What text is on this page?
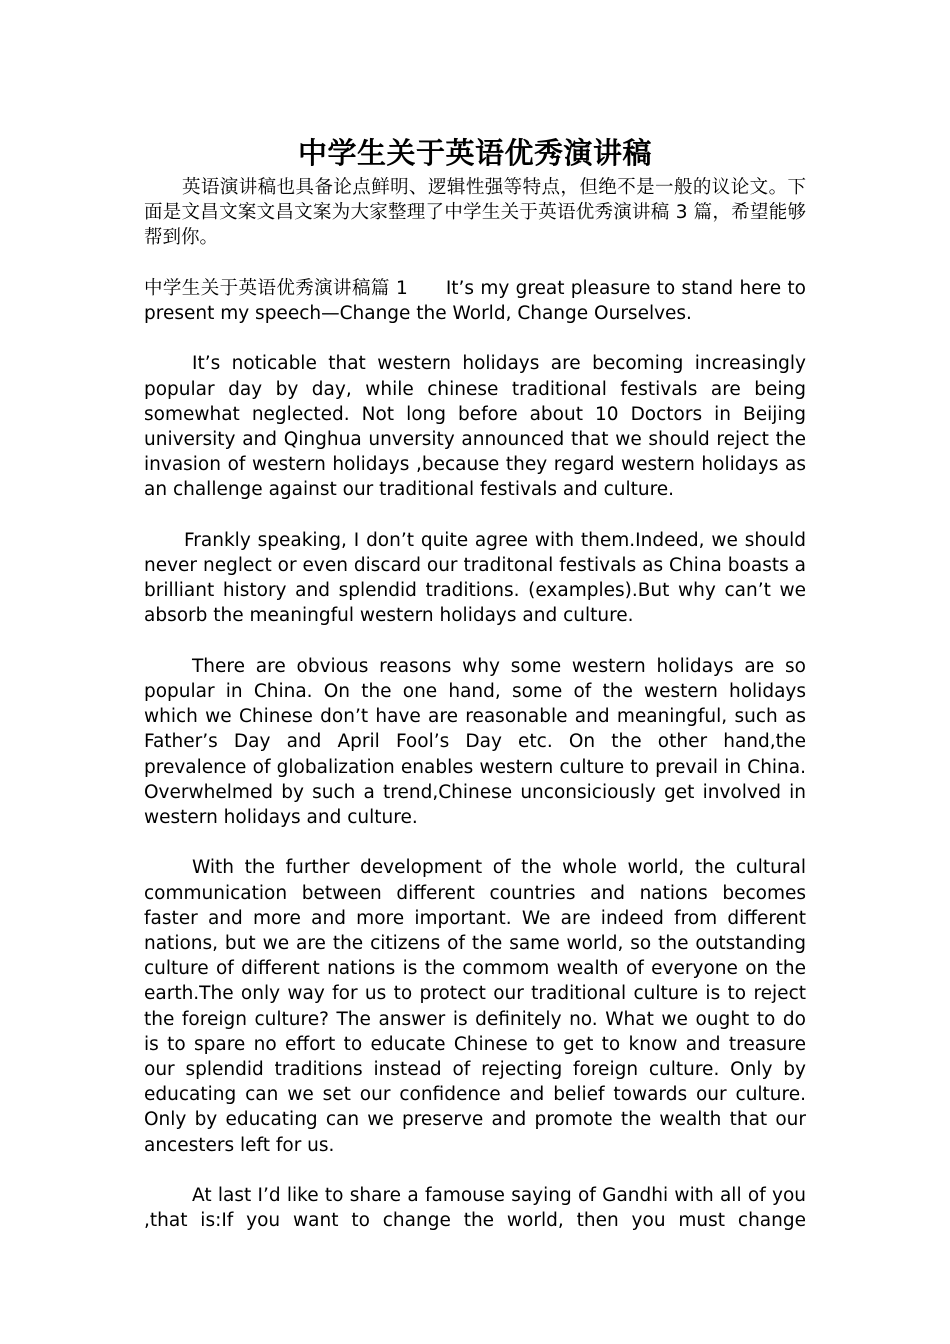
中学生关于英语优秀演讲稿

英语演讲稿也具备论点鲜明、逻辑性强等特点，但绝不是一般的议论文。下面是文昌文案文昌文案为大家整理了中学生关于英语优秀演讲稿 3 篇，希望能够帮到你。

中学生关于英语优秀演讲稿篇 1 It’s my great pleasure to stand here to present my speech—Change the World, Change Ourselves.

It’s noticable that western holidays are becoming increasingly popular day by day, while chinese traditional festivals are being somewhat neglected. Not long before about 10 Doctors in Beijing university and Qinghua unversity announced that we should reject the invasion of western holidays ,because they regard western holidays as an challenge against our traditional festivals and culture.

Frankly speaking, I don’t quite agree with them.Indeed, we should never neglect or even discard our traditonal festivals as China boasts a brilliant history and splendid traditions. (examples).But why can’t we absorb the meaningful western holidays and culture.

There are obvious reasons why some western holidays are so popular in China. On the one hand, some of the western holidays which we Chinese don’t have are reasonable and meaningful, such as Father’s Day and April Fool’s Day etc. On the other hand,the prevalence of globalization enables western culture to prevail in China. Overwhelmed by such a trend,Chinese unconsiciously get involved in western holidays and culture.

With the further development of the whole world, the cultural communication between different countries and nations becomes faster and more and more important. We are indeed from different nations, but we are the citizens of the same world, so the outstanding culture of different nations is the commom wealth of everyone on the earth.The only way for us to protect our traditional culture is to reject the foreign culture? The answer is definitely no. What we ought to do is to spare no effort to educate Chinese to get to know and treasure our splendid traditions instead of rejecting foreign culture. Only by educating can we set our confidence and belief towards our culture. Only by educating can we preserve and promote the wealth that our ancesters left for us.

At last I’d like to share a famouse saying of Gandhi with all of you ,that is:If you want to change the world, then you must change
